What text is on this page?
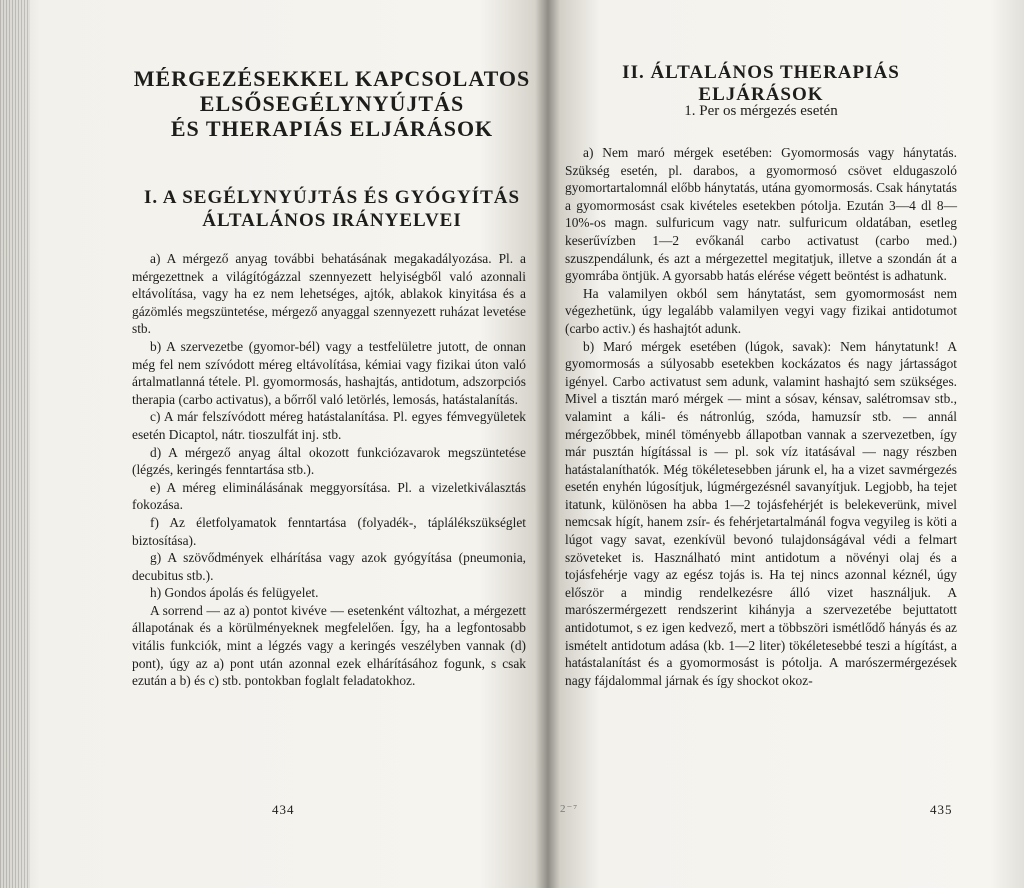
MÉRGEZÉSEKKEL KAPCSOLATOS
ELSŐSEGÉLYNYÚJTÁS
ÉS THERAPIÁS ELJÁRÁSOK
I. A SEGÉLYNYÚJTÁS ÉS GYÓGYÍTÁS
ÁLTALÁNOS IRÁNYELVEI

a) A mérgező anyag további behatásának megakadályozása. Pl. a mérgezettnek a világítógázzal szennyezett helyiségből való azonnali eltávolítása, vagy ha ez nem lehetséges, ajtók, ablakok kinyitása és a gázömlés megszüntetése, mérgező anyaggal szennyezett ruházat levetése stb.

b) A szervezetbe (gyomor-bél) vagy a testfelületre jutott, de onnan még fel nem szívódott méreg eltávolítása, kémiai vagy fizikai úton való ártalmatlanná tétele. Pl. gyomormosás, hashajtás, antidotum, adszorpciós therapia (carbo activatus), a bőrről való letörlés, lemosás, hatástalanítás.

c) A már felszívódott méreg hatástalanítása. Pl. egyes fémvegyületek esetén Dicaptol, nátr. tioszulfát inj. stb.

d) A mérgező anyag által okozott funkciózavarok megszüntetése (légzés, keringés fenntartása stb.).

e) A méreg eliminálásának meggyorsítása. Pl. a vizeletkiválasztás fokozása.

f) Az életfolyamatok fenntartása (folyadék-, táplálékszükséglet biztosítása).

g) A szövődmények elhárítása vagy azok gyógyítása (pneumonia, decubitus stb.).

h) Gondos ápolás és felügyelet.

A sorrend — az a) pontot kivéve — esetenként változhat, a mérgezett állapotának és a körülményeknek megfelelően. Így, ha a legfontosabb vitális funkciók, mint a légzés vagy a keringés veszélyben vannak (d) pont), úgy az a) pont után azonnal ezek elhárításához fogunk, s csak ezután a b) és c) stb. pontokban foglalt feladatokhoz.

434
II. ÁLTALÁNOS THERAPIÁS
ELJÁRÁSOK
1. Per os mérgezés esetén

a) Nem maró mérgek esetében: Gyomormosás vagy hánytatás. Szükség esetén, pl. darabos, a gyomormosó csövet eldugaszoló gyomortartalomnál előbb hánytatás, utána gyomormosás. Csak hánytatás a gyomormosást csak kivételes esetekben pótolja. Ezután 3—4 dl 8—10%-os magn. sulfuricum vagy natr. sulfuricum oldatában, esetleg keserűvízben 1—2 evőkanál carbo activatust (carbo med.) szuszpendálunk, és azt a mérgezettel megitatjuk, illetve a szondán át a gyomrába öntjük. A gyorsabb hatás elérése végett beöntést is adhatunk.

Ha valamilyen okból sem hánytatást, sem gyomormosást nem végezhetünk, úgy legalább valamilyen vegyi vagy fizikai antidotumot (carbo activ.) és hashajtót adunk.

b) Maró mérgek esetében (lúgok, savak): Nem hánytatunk! A gyomormosás a súlyosabb esetekben kockázatos és nagy jártasságot igényel. Carbo activatust sem adunk, valamint hashajtó sem szükséges. Mivel a tisztán maró mérgek — mint a sósav, kénsav, salétromsav stb., valamint a káli- és nátronlúg, szóda, hamuzsír stb. — annál mérgezőbbek, minél töményebb állapotban vannak a szervezetben, így már pusztán hígítással is — pl. sok víz itatásával — nagy részben hatástalaníthatók. Még tökéletesebben járunk el, ha a vizet savmérgezés esetén enyhén lúgosítjuk, lúgmérgezésnél savanyítjuk. Legjobb, ha tejet itatunk, különösen ha abba 1—2 tojásfehérjét is belekeverünk, mivel nemcsak hígít, hanem zsír- és fehérjetartalmánál fogva vegyileg is köti a lúgot vagy savat, ezenkívül bevonó tulajdonságával védi a felmart szöveteket is. Használható mint antidotum a növényi olaj és a tojásfehérje vagy az egész tojás is. Ha tej nincs azonnal kéznél, úgy először a mindig rendelkezésre álló vizet használjuk. A marószermérgezett rendszerint kihányja a szervezetébe bejuttatott antidotumot, s ez igen kedvező, mert a többszöri ismétlődő hányás és az ismételt antidotum adása (kb. 1—2 liter) tökéletesebbé teszi a hígítást, a hatástalanítást és a gyomormosást is pótolja. A marószermérgezések nagy fájdalommal járnak és így shockot okoz-

2⁻⁷	435
